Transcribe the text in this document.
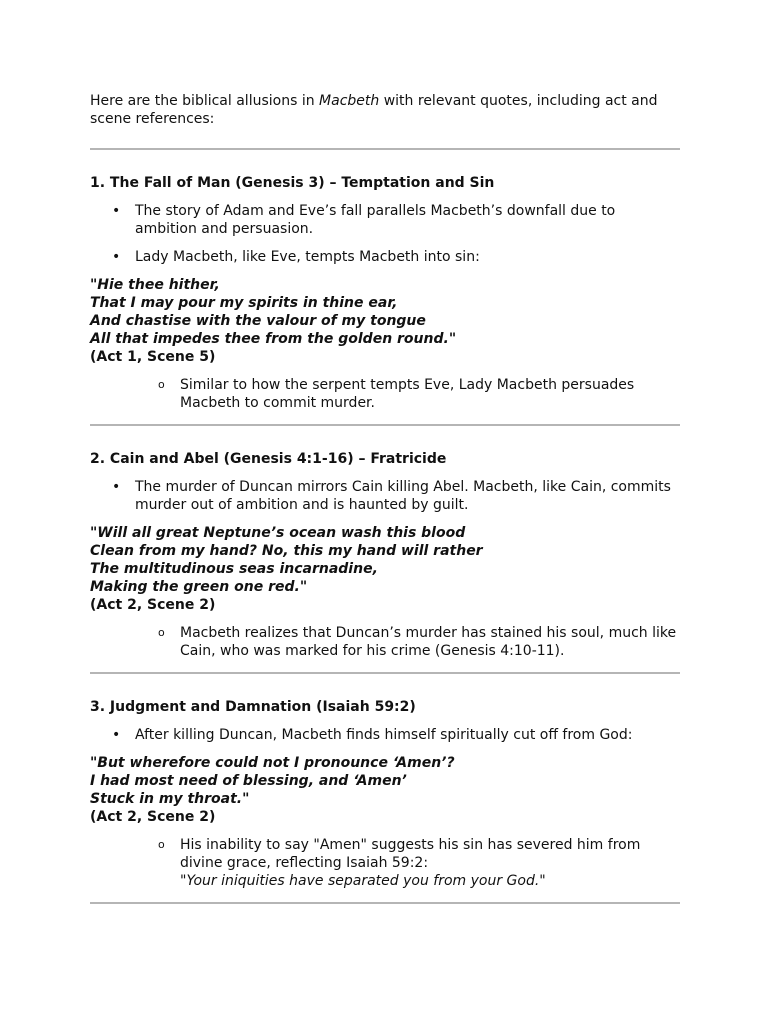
Here are the biblical allusions in Macbeth with relevant quotes, including act and scene references:

1. The Fall of Man (Genesis 3) – Temptation and Sin
• The story of Adam and Eve’s fall parallels Macbeth’s downfall due to ambition and persuasion.
• Lady Macbeth, like Eve, tempts Macbeth into sin:
"Hie thee hither,
That I may pour my spirits in thine ear,
And chastise with the valour of my tongue
All that impedes thee from the golden round."
(Act 1, Scene 5)
o Similar to how the serpent tempts Eve, Lady Macbeth persuades Macbeth to commit murder.
2. Cain and Abel (Genesis 4:1-16) – Fratricide
• The murder of Duncan mirrors Cain killing Abel. Macbeth, like Cain, commits murder out of ambition and is haunted by guilt.
"Will all great Neptune’s ocean wash this blood
Clean from my hand? No, this my hand will rather
The multitudinous seas incarnadine,
Making the green one red."
(Act 2, Scene 2)
o Macbeth realizes that Duncan’s murder has stained his soul, much like Cain, who was marked for his crime (Genesis 4:10-11).
3. Judgment and Damnation (Isaiah 59:2)
• After killing Duncan, Macbeth finds himself spiritually cut off from God:
"But wherefore could not I pronounce ‘Amen’?
I had most need of blessing, and ‘Amen’
Stuck in my throat."
(Act 2, Scene 2)
o His inability to say "Amen" suggests his sin has severed him from divine grace, reflecting Isaiah 59:2:
"Your iniquities have separated you from your God."
